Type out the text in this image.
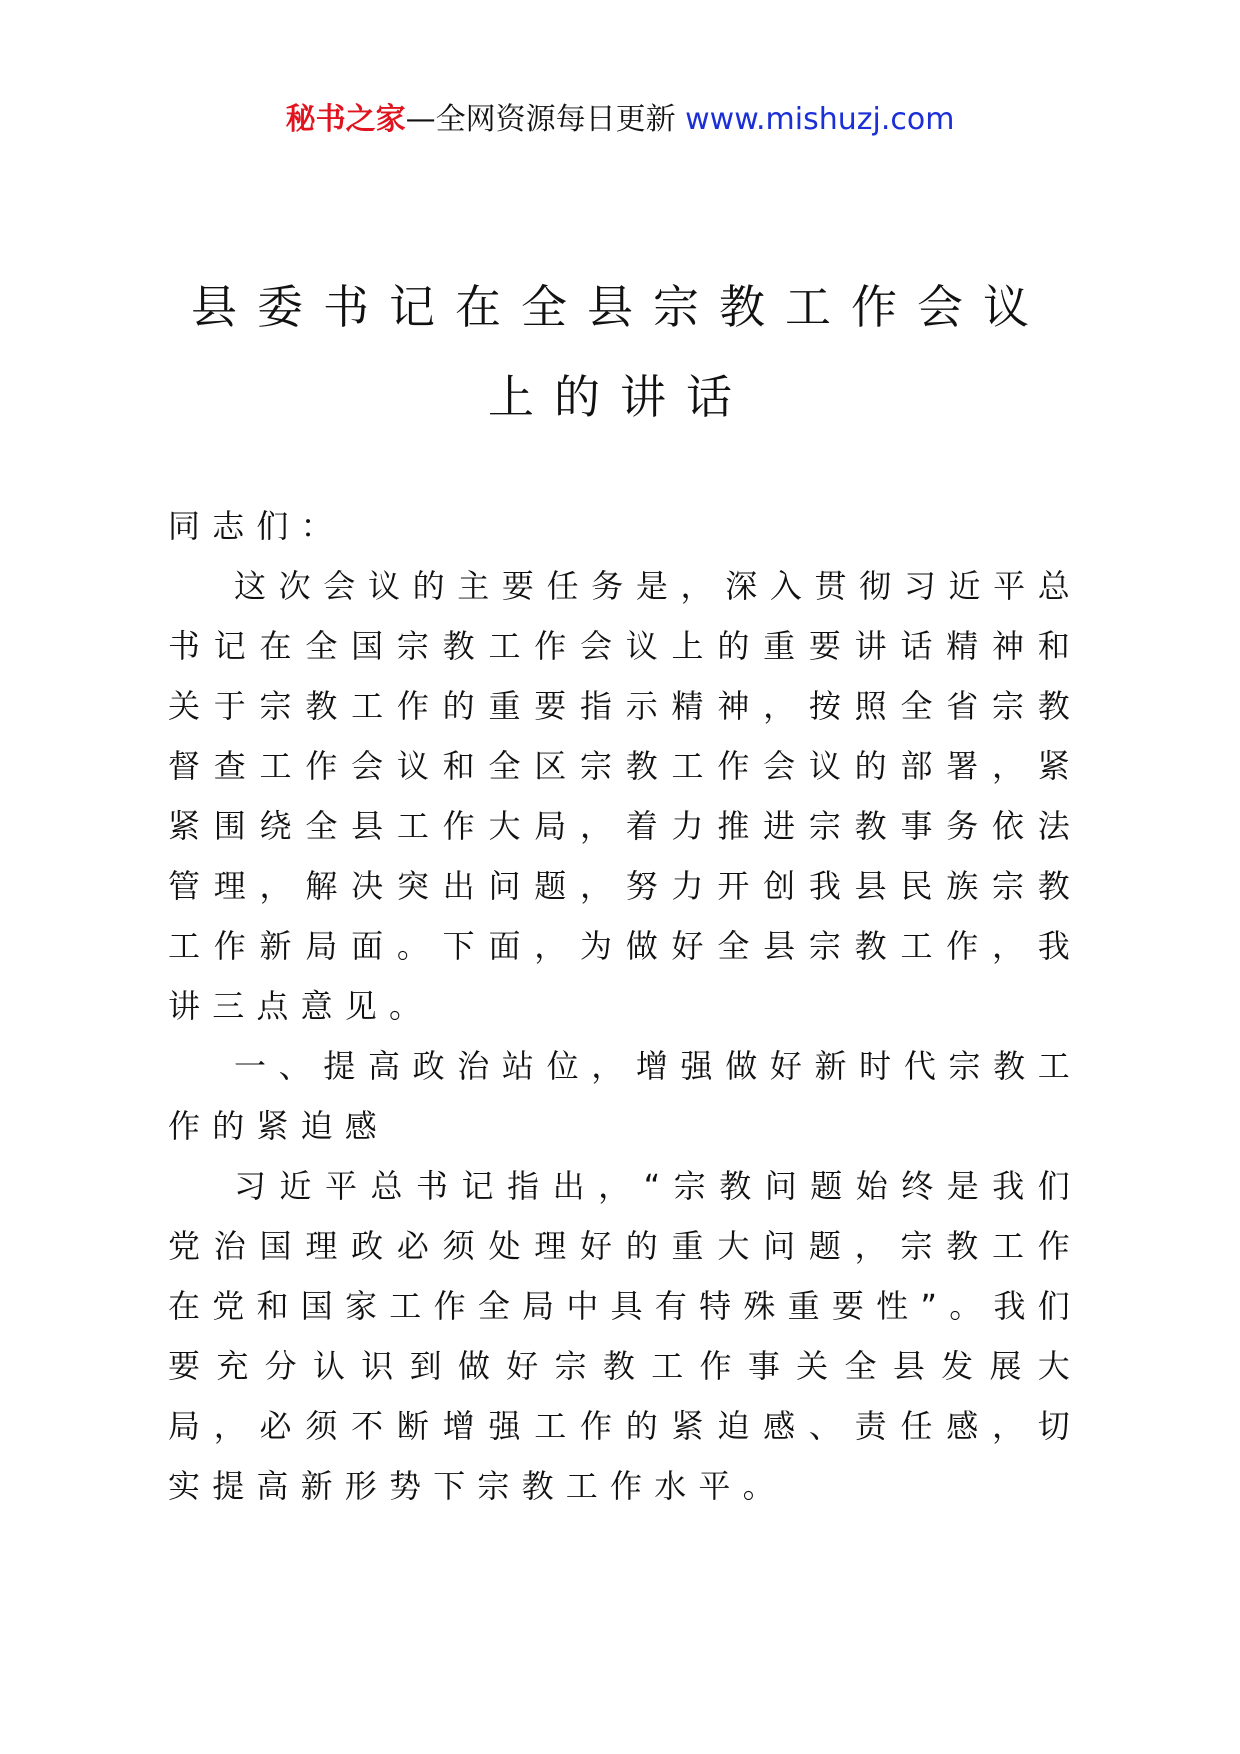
秘书之家—全网资源每日更新 www.mishuzj.com
县委书记在全县宗教工作会议
上的讲话

同志们：

这次会议的主要任务是，深入贯彻习近平总书记在全国宗教工作会议上的重要讲话精神和关于宗教工作的重要指示精神，按照全省宗教督查工作会议和全区宗教工作会议的部署，紧紧围绕全县工作大局，着力推进宗教事务依法管理，解决突出问题，努力开创我县民族宗教工作新局面。下面，为做好全县宗教工作，我讲三点意见。

一、提高政治站位，增强做好新时代宗教工作的紧迫感

习近平总书记指出，“宗教问题始终是我们党治国理政必须处理好的重大问题，宗教工作在党和国家工作全局中具有特殊重要性”。我们要充分认识到做好宗教工作事关全县发展大局，必须不断增强工作的紧迫感、责任感，切实提高新形势下宗教工作水平。
